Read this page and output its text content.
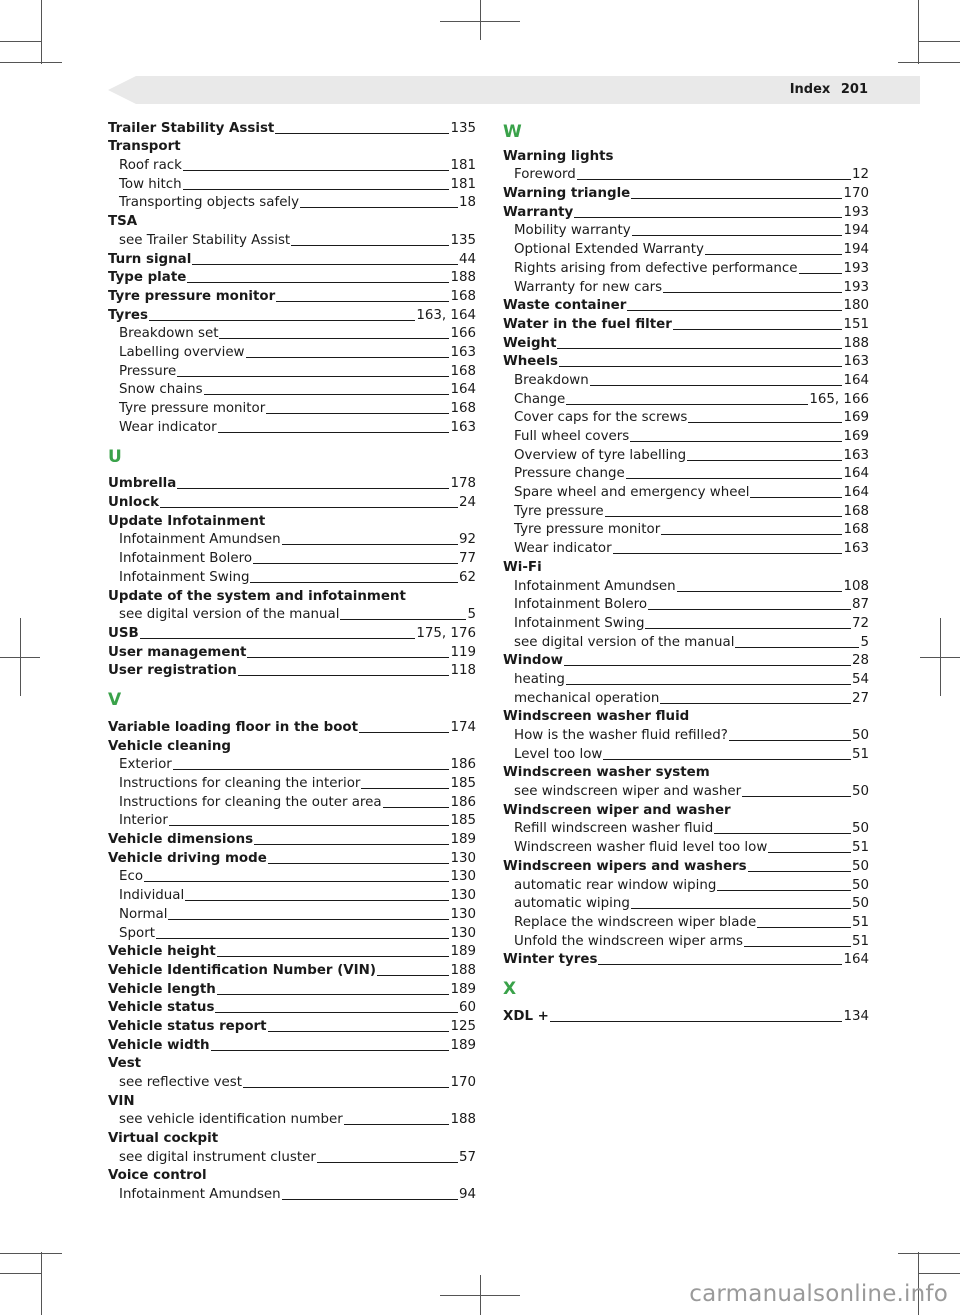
Index 201
Trailer Stability Assist	135
Transport
Roof rack	181
Tow hitch	181
Transporting objects safely	18
TSA
see Trailer Stability Assist	135
Turn signal	44
Type plate	188
Tyre pressure monitor	168
Tyres	163, 164
Breakdown set	166
Labelling overview	163
Pressure	168
Snow chains	164
Tyre pressure monitor	168
Wear indicator	163
U
Umbrella	178
Unlock	24
Update Infotainment
Infotainment Amundsen	92
Infotainment Bolero	77
Infotainment Swing	62
Update of the system and infotainment
see digital version of the manual	5
USB	175, 176
User management	119
User registration	118
V
Variable loading floor in the boot	174
Vehicle cleaning
Exterior	186
Instructions for cleaning the interior	185
Instructions for cleaning the outer area	186
Interior	185
Vehicle dimensions	189
Vehicle driving mode	130
Eco	130
Individual	130
Normal	130
Sport	130
Vehicle height	189
Vehicle Identification Number (VIN)	188
Vehicle length	189
Vehicle status	60
Vehicle status report	125
Vehicle width	189
Vest
see reflective vest	170
VIN
see vehicle identification number	188
Virtual cockpit
see digital instrument cluster	57
Voice control
Infotainment Amundsen	94
W
Warning lights
Foreword	12
Warning triangle	170
Warranty	193
Mobility warranty	194
Optional Extended Warranty	194
Rights arising from defective performance	193
Warranty for new cars	193
Waste container	180
Water in the fuel filter	151
Weight	188
Wheels	163
Breakdown	164
Change	165, 166
Cover caps for the screws	169
Full wheel covers	169
Overview of tyre labelling	163
Pressure change	164
Spare wheel and emergency wheel	164
Tyre pressure	168
Tyre pressure monitor	168
Wear indicator	163
Wi-Fi
Infotainment Amundsen	108
Infotainment Bolero	87
Infotainment Swing	72
see digital version of the manual	5
Window	28
heating	54
mechanical operation	27
Windscreen washer fluid
How is the washer fluid refilled?	50
Level too low	51
Windscreen washer system
see windscreen wiper and washer	50
Windscreen wiper and washer
Refill windscreen washer fluid	50
Windscreen washer fluid level too low	51
Windscreen wipers and washers	50
automatic rear window wiping	50
automatic wiping	50
Replace the windscreen wiper blade	51
Unfold the windscreen wiper arms	51
Winter tyres	164
X
XDL +	134
carmanualsonline.info
